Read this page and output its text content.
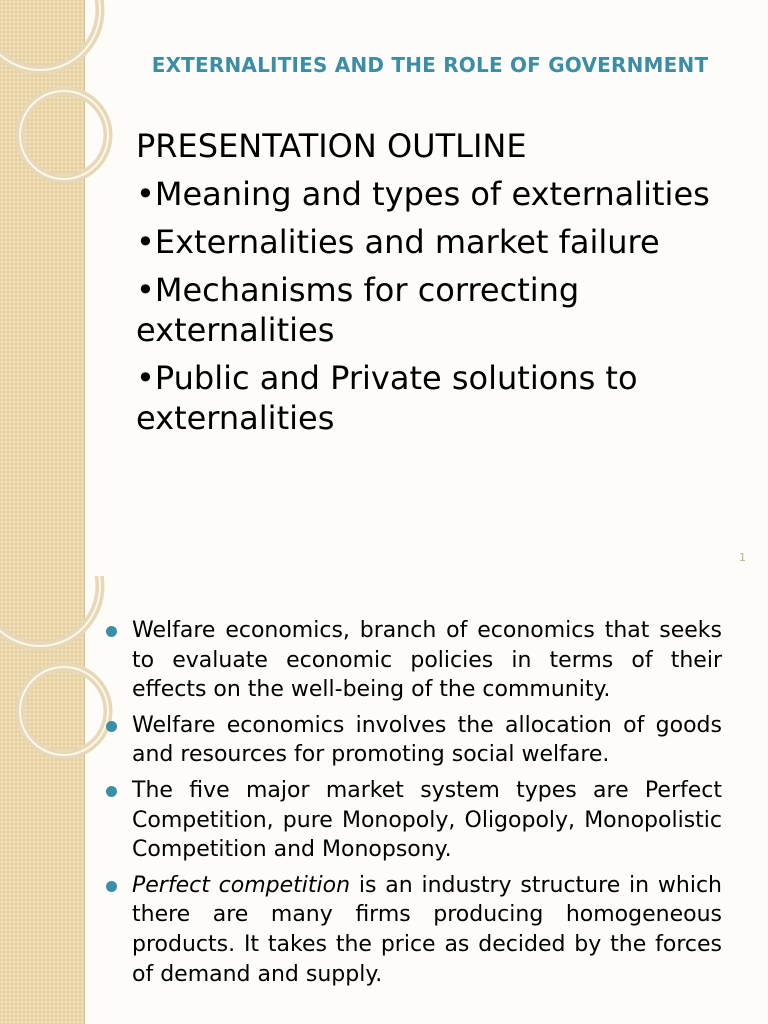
EXTERNALITIES AND THE ROLE OF GOVERNMENT
PRESENTATION OUTLINE
•Meaning and types of externalities
•Externalities and market failure
•Mechanisms for correcting externalities
•Public and Private solutions to externalities
1
Welfare economics, branch of economics that seeks to evaluate economic policies in terms of their effects on the well-being of the community.
Welfare economics involves the allocation of goods and resources for promoting social welfare.
The five major market system types are Perfect Competition, pure Monopoly, Oligopoly, Monopolistic Competition and Monopsony.
Perfect competition is an industry structure in which there are many firms producing homogeneous products. It takes the price as decided by the forces of demand and supply.
